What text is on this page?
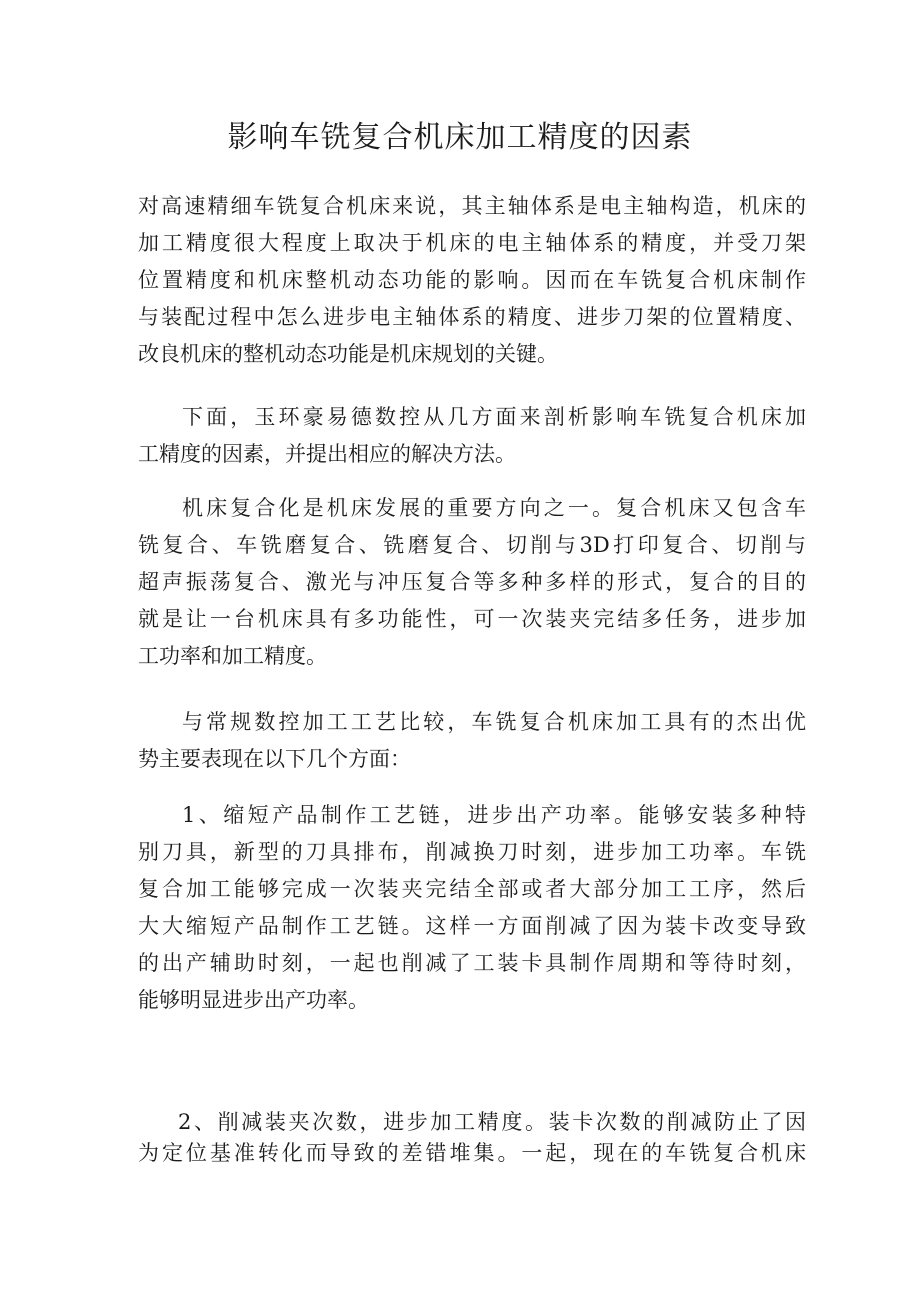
影响车铣复合机床加工精度的因素
对高速精细车铣复合机床来说，其主轴体系是电主轴构造，机床的
加工精度很大程度上取决于机床的电主轴体系的精度，并受刀架
位置精度和机床整机动态功能的影响。因而在车铣复合机床制作
与装配过程中怎么进步电主轴体系的精度、进步刀架的位置精度、
改良机床的整机动态功能是机床规划的关键。
下面，玉环豪易德数控从几方面来剖析影响车铣复合机床加
工精度的因素，并提出相应的解决方法。
机床复合化是机床发展的重要方向之一。复合机床又包含车
铣复合、车铣磨复合、铣磨复合、切削与3D打印复合、切削与
超声振荡复合、激光与冲压复合等多种多样的形式，复合的目的
就是让一台机床具有多功能性，可一次装夹完结多任务，进步加
工功率和加工精度。
与常规数控加工工艺比较，车铣复合机床加工具有的杰出优
势主要表现在以下几个方面：
1、缩短产品制作工艺链，进步出产功率。能够安装多种特
别刀具，新型的刀具排布，削减换刀时刻，进步加工功率。车铣
复合加工能够完成一次装夹完结全部或者大部分加工工序，然后
大大缩短产品制作工艺链。这样一方面削减了因为装卡改变导致
的出产辅助时刻，一起也削减了工装卡具制作周期和等待时刻，
能够明显进步出产功率。
2、削减装夹次数，进步加工精度。装卡次数的削减防止了因
为定位基准转化而导致的差错堆集。一起，现在的车铣复合机床
